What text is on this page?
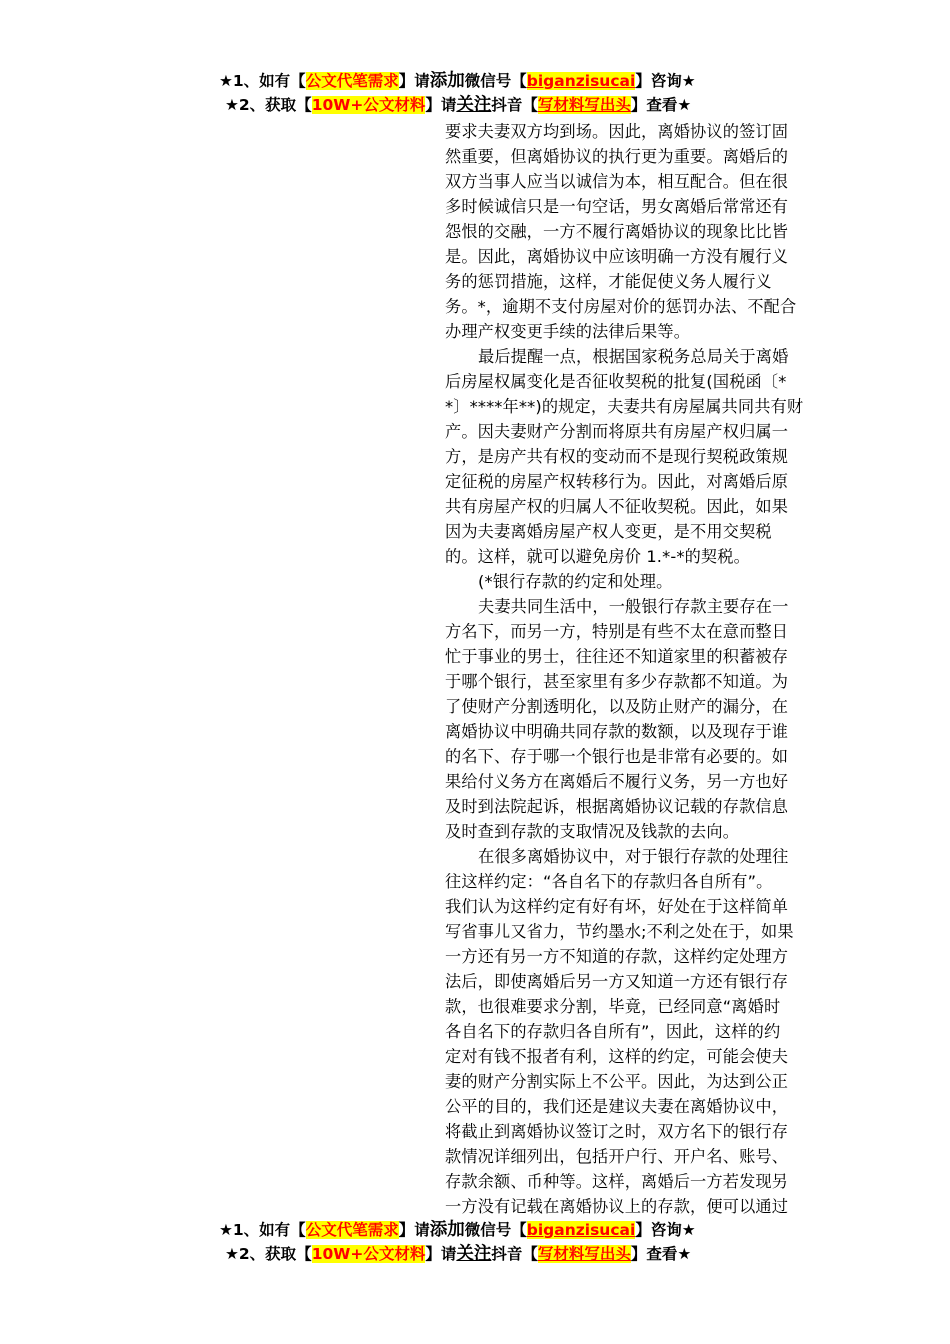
★1、如有【公文代笔需求】请添加微信号【biganzisucai】咨询★
★2、获取【10W+公文材料】请关注抖音【写材料写出头】查看★
要求夫妻双方均到场。因此，离婚协议的签订固
然重要，但离婚协议的执行更为重要。离婚后的
双方当事人应当以诚信为本，相互配合。但在很
多时候诚信只是一句空话，男女离婚后常常还有
怨恨的交融，一方不履行离婚协议的现象比比皆
是。因此，离婚协议中应该明确一方没有履行义
务的惩罚措施，这样，才能促使义务人履行义
务。*，逾期不支付房屋对价的惩罚办法、不配合
办理产权变更手续的法律后果等。
最后提醒一点，根据国家税务总局关于离婚
后房屋权属变化是否征收契税的批复(国税函〔*
*〕****年**)的规定，夫妻共有房屋属共同共有财
产。因夫妻财产分割而将原共有房屋产权归属一
方，是房产共有权的变动而不是现行契税政策规
定征税的房屋产权转移行为。因此，对离婚后原
共有房屋产权的归属人不征收契税。因此，如果
因为夫妻离婚房屋产权人变更，是不用交契税
的。这样，就可以避免房价 1.*-*的契税。
(*银行存款的约定和处理。
夫妻共同生活中，一般银行存款主要存在一
方名下，而另一方，特别是有些不太在意而整日
忙于事业的男士，往往还不知道家里的积蓄被存
于哪个银行，甚至家里有多少存款都不知道。为
了使财产分割透明化，以及防止财产的漏分，在
离婚协议中明确共同存款的数额，以及现存于谁
的名下、存于哪一个银行也是非常有必要的。如
果给付义务方在离婚后不履行义务，另一方也好
及时到法院起诉，根据离婚协议记载的存款信息
及时查到存款的支取情况及钱款的去向。
在很多离婚协议中，对于银行存款的处理往
往这样约定：“各自名下的存款归各自所有”。
我们认为这样约定有好有坏，好处在于这样简单
写省事儿又省力，节约墨水;不利之处在于，如果
一方还有另一方不知道的存款，这样约定处理方
法后，即使离婚后另一方又知道一方还有银行存
款，也很难要求分割，毕竟，已经同意“离婚时
各自名下的存款归各自所有”，因此，这样的约
定对有钱不报者有利，这样的约定，可能会使夫
妻的财产分割实际上不公平。因此，为达到公正
公平的目的，我们还是建议夫妻在离婚协议中，
将截止到离婚协议签订之时，双方名下的银行存
款情况详细列出，包括开户行、开户名、账号、
存款余额、币种等。这样，离婚后一方若发现另
一方没有记载在离婚协议上的存款，便可以通过
★1、如有【公文代笔需求】请添加微信号【biganzisucai】咨询★
★2、获取【10W+公文材料】请关注抖音【写材料写出头】查看★
